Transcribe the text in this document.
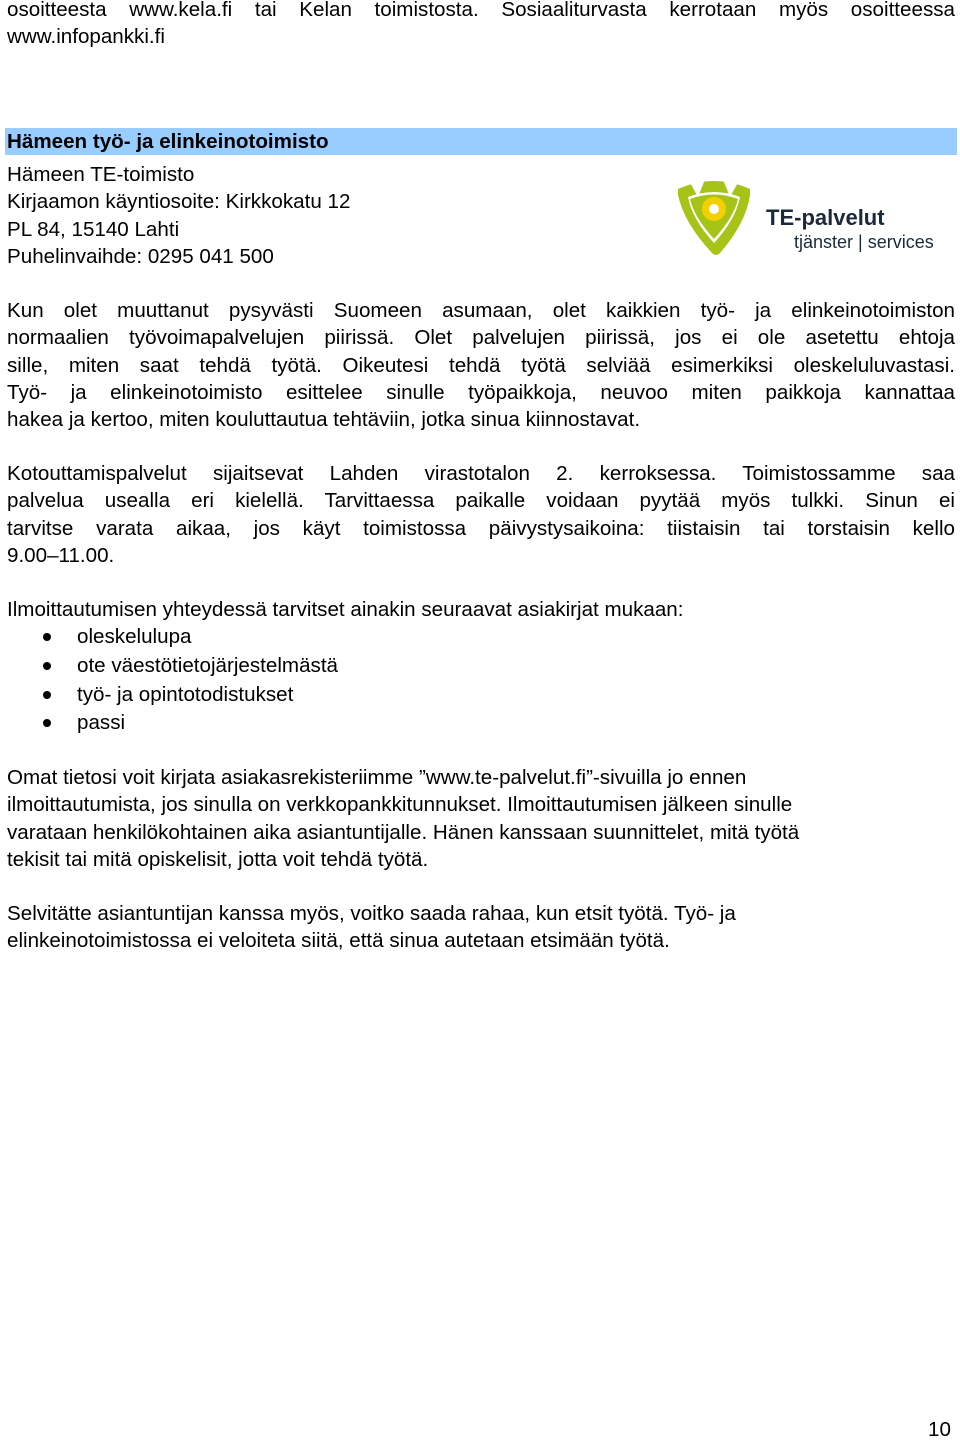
osoitteesta www.kela.fi tai Kelan toimistosta. Sosiaaliturvasta kerrotaan myös osoitteessa
www.infopankki.fi
Hämeen työ- ja elinkeinotoimisto
Hämeen TE-toimisto
Kirjaamon käyntiosoite: Kirkkokatu 12
PL 84, 15140 Lahti
Puhelinvaihde: 0295 041 500
TE-palvelut
tjänster | services
Kun olet muuttanut pysyvästi Suomeen asumaan, olet kaikkien työ- ja elinkeinotoimiston
normaalien työvoimapalvelujen piirissä. Olet palvelujen piirissä, jos ei ole asetettu ehtoja
sille, miten saat tehdä työtä. Oikeutesi tehdä työtä selviää esimerkiksi oleskeluluvastasi.
Työ- ja elinkeinotoimisto esittelee sinulle työpaikkoja, neuvoo miten paikkoja kannattaa
hakea ja kertoo, miten kouluttautua tehtäviin, jotka sinua kiinnostavat.
Kotouttamispalvelut sijaitsevat Lahden virastotalon 2. kerroksessa. Toimistossamme saa
palvelua usealla eri kielellä. Tarvittaessa paikalle voidaan pyytää myös tulkki. Sinun ei
tarvitse varata aikaa, jos käyt toimistossa päivystysaikoina: tiistaisin tai torstaisin kello
9.00–11.00.
Ilmoittautumisen yhteydessä tarvitset ainakin seuraavat asiakirjat mukaan:
oleskelulupa
ote väestötietojärjestelmästä
työ- ja opintotodistukset
passi
Omat tietosi voit kirjata asiakasrekisteriimme ”www.te-palvelut.fi”-sivuilla jo ennen
ilmoittautumista, jos sinulla on verkkopankkitunnukset. Ilmoittautumisen jälkeen sinulle
varataan henkilökohtainen aika asiantuntijalle. Hänen kanssaan suunnittelet, mitä työtä
tekisit tai mitä opiskelisit, jotta voit tehdä työtä.
Selvitätte asiantuntijan kanssa myös, voitko saada rahaa, kun etsit työtä. Työ- ja
elinkeinotoimistossa ei veloiteta siitä, että sinua autetaan etsimään työtä.
10
